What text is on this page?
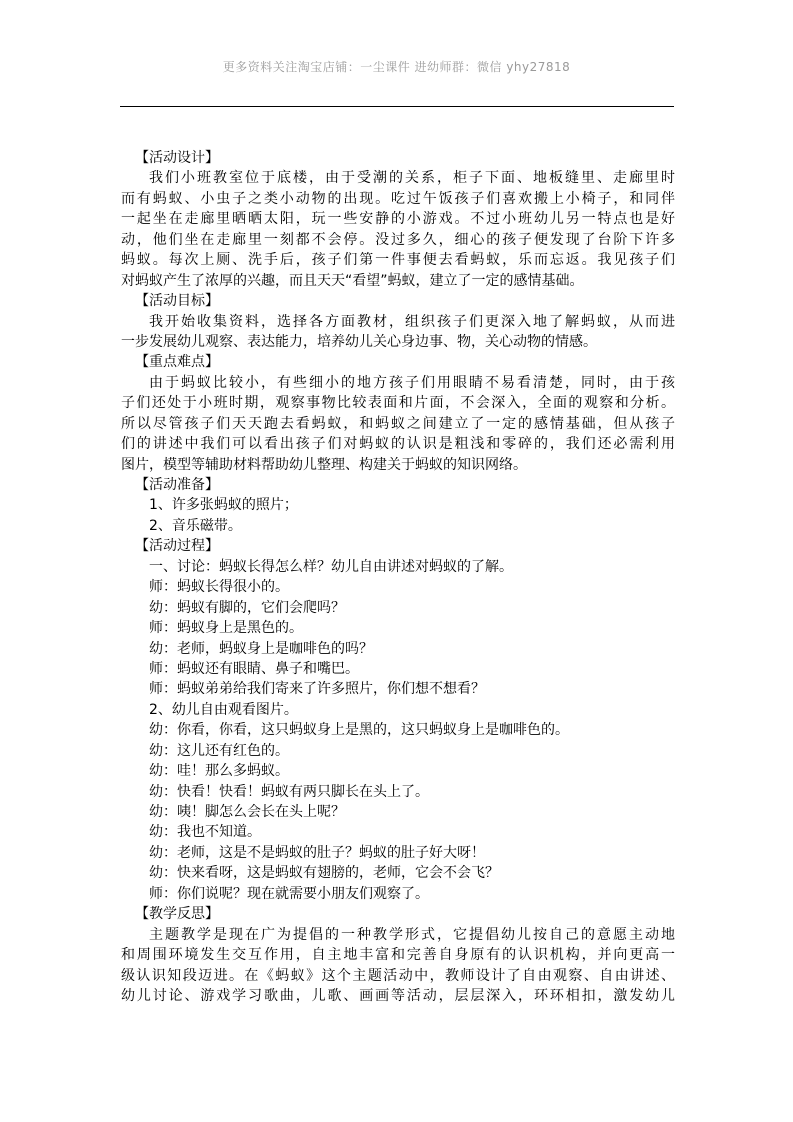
更多资料关注淘宝店铺：一尘课件 进幼师群：微信 yhy27818
【活动设计】
我们小班教室位于底楼，由于受潮的关系，柜子下面、地板缝里、走廊里时
而有蚂蚁、小虫子之类小动物的出现。吃过午饭孩子们喜欢搬上小椅子，和同伴
一起坐在走廊里晒晒太阳，玩一些安静的小游戏。不过小班幼儿另一特点也是好
动，他们坐在走廊里一刻都不会停。没过多久，细心的孩子便发现了台阶下许多
蚂蚁。每次上厕、洗手后，孩子们第一件事便去看蚂蚁，乐而忘返。我见孩子们
对蚂蚁产生了浓厚的兴趣，而且天天“看望”蚂蚁，建立了一定的感情基础。
【活动目标】
我开始收集资料，选择各方面教材，组织孩子们更深入地了解蚂蚁，从而进
一步发展幼儿观察、表达能力，培养幼儿关心身边事、物，关心动物的情感。
【重点难点】
由于蚂蚁比较小，有些细小的地方孩子们用眼睛不易看清楚，同时，由于孩
子们还处于小班时期，观察事物比较表面和片面，不会深入，全面的观察和分析。
所以尽管孩子们天天跑去看蚂蚁，和蚂蚁之间建立了一定的感情基础，但从孩子
们的讲述中我们可以看出孩子们对蚂蚁的认识是粗浅和零碎的，我们还必需利用
图片，模型等辅助材料帮助幼儿整理、构建关于蚂蚁的知识网络。
【活动准备】
1、许多张蚂蚁的照片；
2、音乐磁带。
【活动过程】
一、讨论：蚂蚁长得怎么样？幼儿自由讲述对蚂蚁的了解。
师：蚂蚁长得很小的。
幼：蚂蚁有脚的，它们会爬吗？
师：蚂蚁身上是黑色的。
幼：老师，蚂蚁身上是咖啡色的吗？
师：蚂蚁还有眼睛、鼻子和嘴巴。
师：蚂蚁弟弟给我们寄来了许多照片，你们想不想看？
2、幼儿自由观看图片。
幼：你看，你看，这只蚂蚁身上是黑的，这只蚂蚁身上是咖啡色的。
幼：这儿还有红色的。
幼：哇！那么多蚂蚁。
幼：快看！快看！蚂蚁有两只脚长在头上了。
幼：咦！脚怎么会长在头上呢？
幼：我也不知道。
幼：老师，这是不是蚂蚁的肚子？蚂蚁的肚子好大呀！
幼：快来看呀，这是蚂蚁有翅膀的，老师，它会不会飞？
师：你们说呢？现在就需要小朋友们观察了。
【教学反思】
主题教学是现在广为提倡的一种教学形式，它提倡幼儿按自己的意愿主动地
和周围环境发生交互作用，自主地丰富和完善自身原有的认识机构，并向更高一
级认识知段迈进。在《蚂蚁》这个主题活动中，教师设计了自由观察、自由讲述、
幼儿讨论、游戏学习歌曲，儿歌、画画等活动，层层深入，环环相扣，激发幼儿
